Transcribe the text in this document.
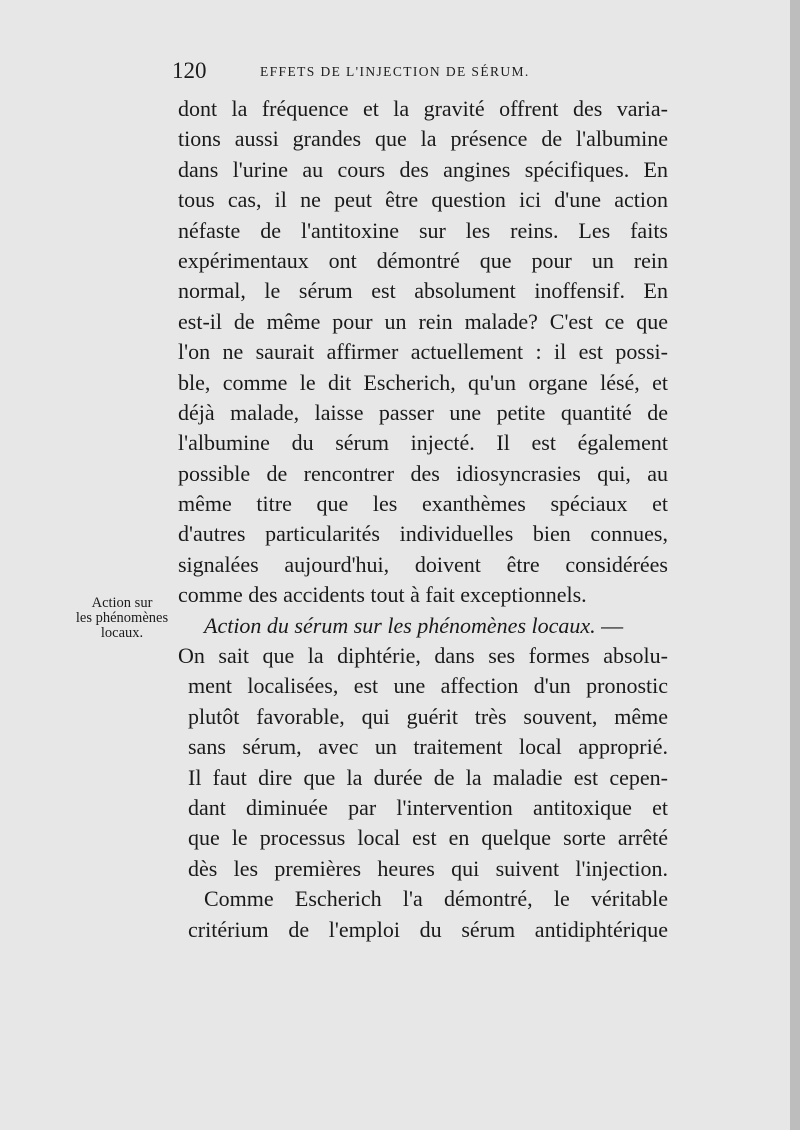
120	EFFETS DE L'INJECTION DE SÉRUM.
Action sur
les phénomènes
locaux.
dont la fréquence et la gravité offrent des varia-
tions aussi grandes que la présence de l'albumine
dans l'urine au cours des angines spécifiques. En
tous cas, il ne peut être question ici d'une action
néfaste de l'antitoxine sur les reins. Les faits
expérimentaux ont démontré que pour un rein
normal, le sérum est absolument inoffensif. En
est-il de même pour un rein malade? C'est ce que
l'on ne saurait affirmer actuellement : il est possi-
ble, comme le dit Escherich, qu'un organe lésé, et
déjà malade, laisse passer une petite quantité de
l'albumine du sérum injecté. Il est également
possible de rencontrer des idiosyncrasies qui, au
même titre que les exanthèmes spéciaux et
d'autres particularités individuelles bien connues,
signalées aujourd'hui, doivent être considérées
comme des accidents tout à fait exceptionnels.
Action du sérum sur les phénomènes locaux. —
On sait que la diphtérie, dans ses formes absolu-
ment localisées, est une affection d'un pronostic
plutôt favorable, qui guérit très souvent, même
sans sérum, avec un traitement local approprié.
Il faut dire que la durée de la maladie est cepen-
dant diminuée par l'intervention antitoxique et
que le processus local est en quelque sorte arrêté
dès les premières heures qui suivent l'injection.
Comme Escherich l'a démontré, le véritable
critérium de l'emploi du sérum antidiphtérique
